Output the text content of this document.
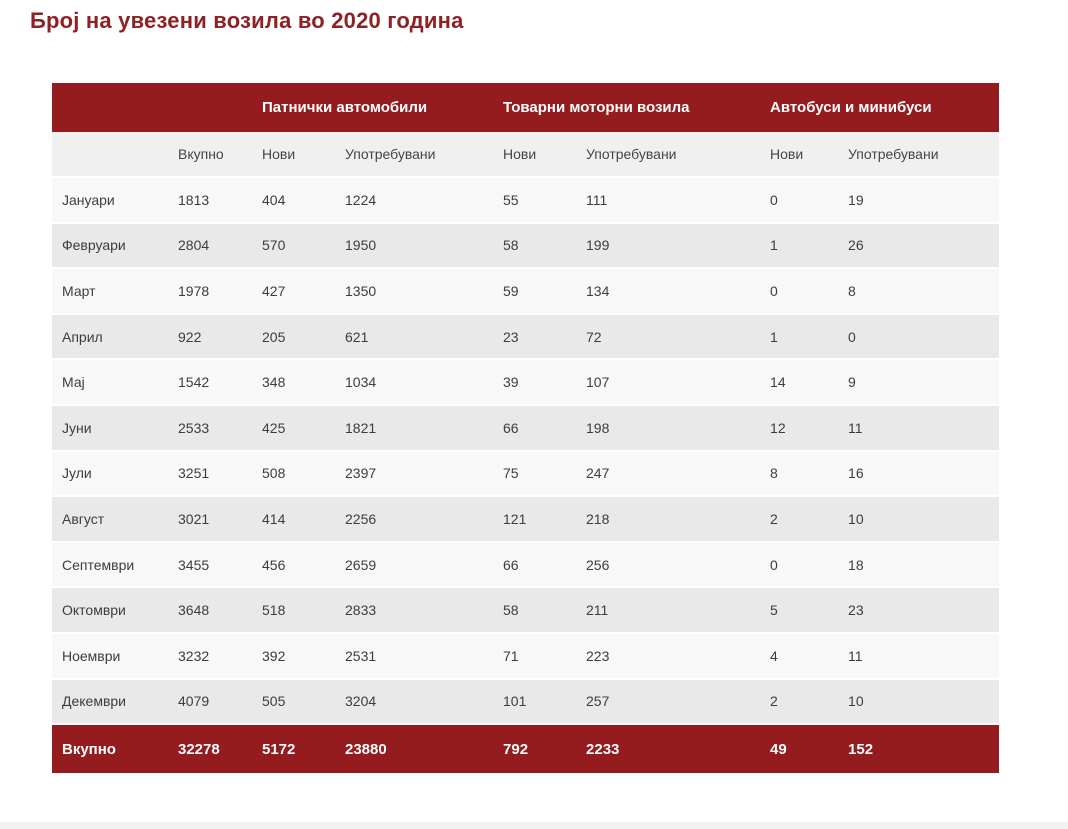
Број на увезени возила во 2020 година
		Патнички автомобили		Товарни моторни возила		Автобуси и минибуси	
	Вкупно	Нови	Употребувани	Нови	Употребувани	Нови	Употребувани
Јануари	1813	404	1224	55	111	0	19
Февруари	2804	570	1950	58	199	1	26
Март	1978	427	1350	59	134	0	8
Април	922	205	621	23	72	1	0
Мај	1542	348	1034	39	107	14	9
Јуни	2533	425	1821	66	198	12	11
Јули	3251	508	2397	75	247	8	16
Август	3021	414	2256	121	218	2	10
Септември	3455	456	2659	66	256	0	18
Октомври	3648	518	2833	58	211	5	23
Ноември	3232	392	2531	71	223	4	11
Декември	4079	505	3204	101	257	2	10
Вкупно	32278	5172	23880	792	2233	49	152
